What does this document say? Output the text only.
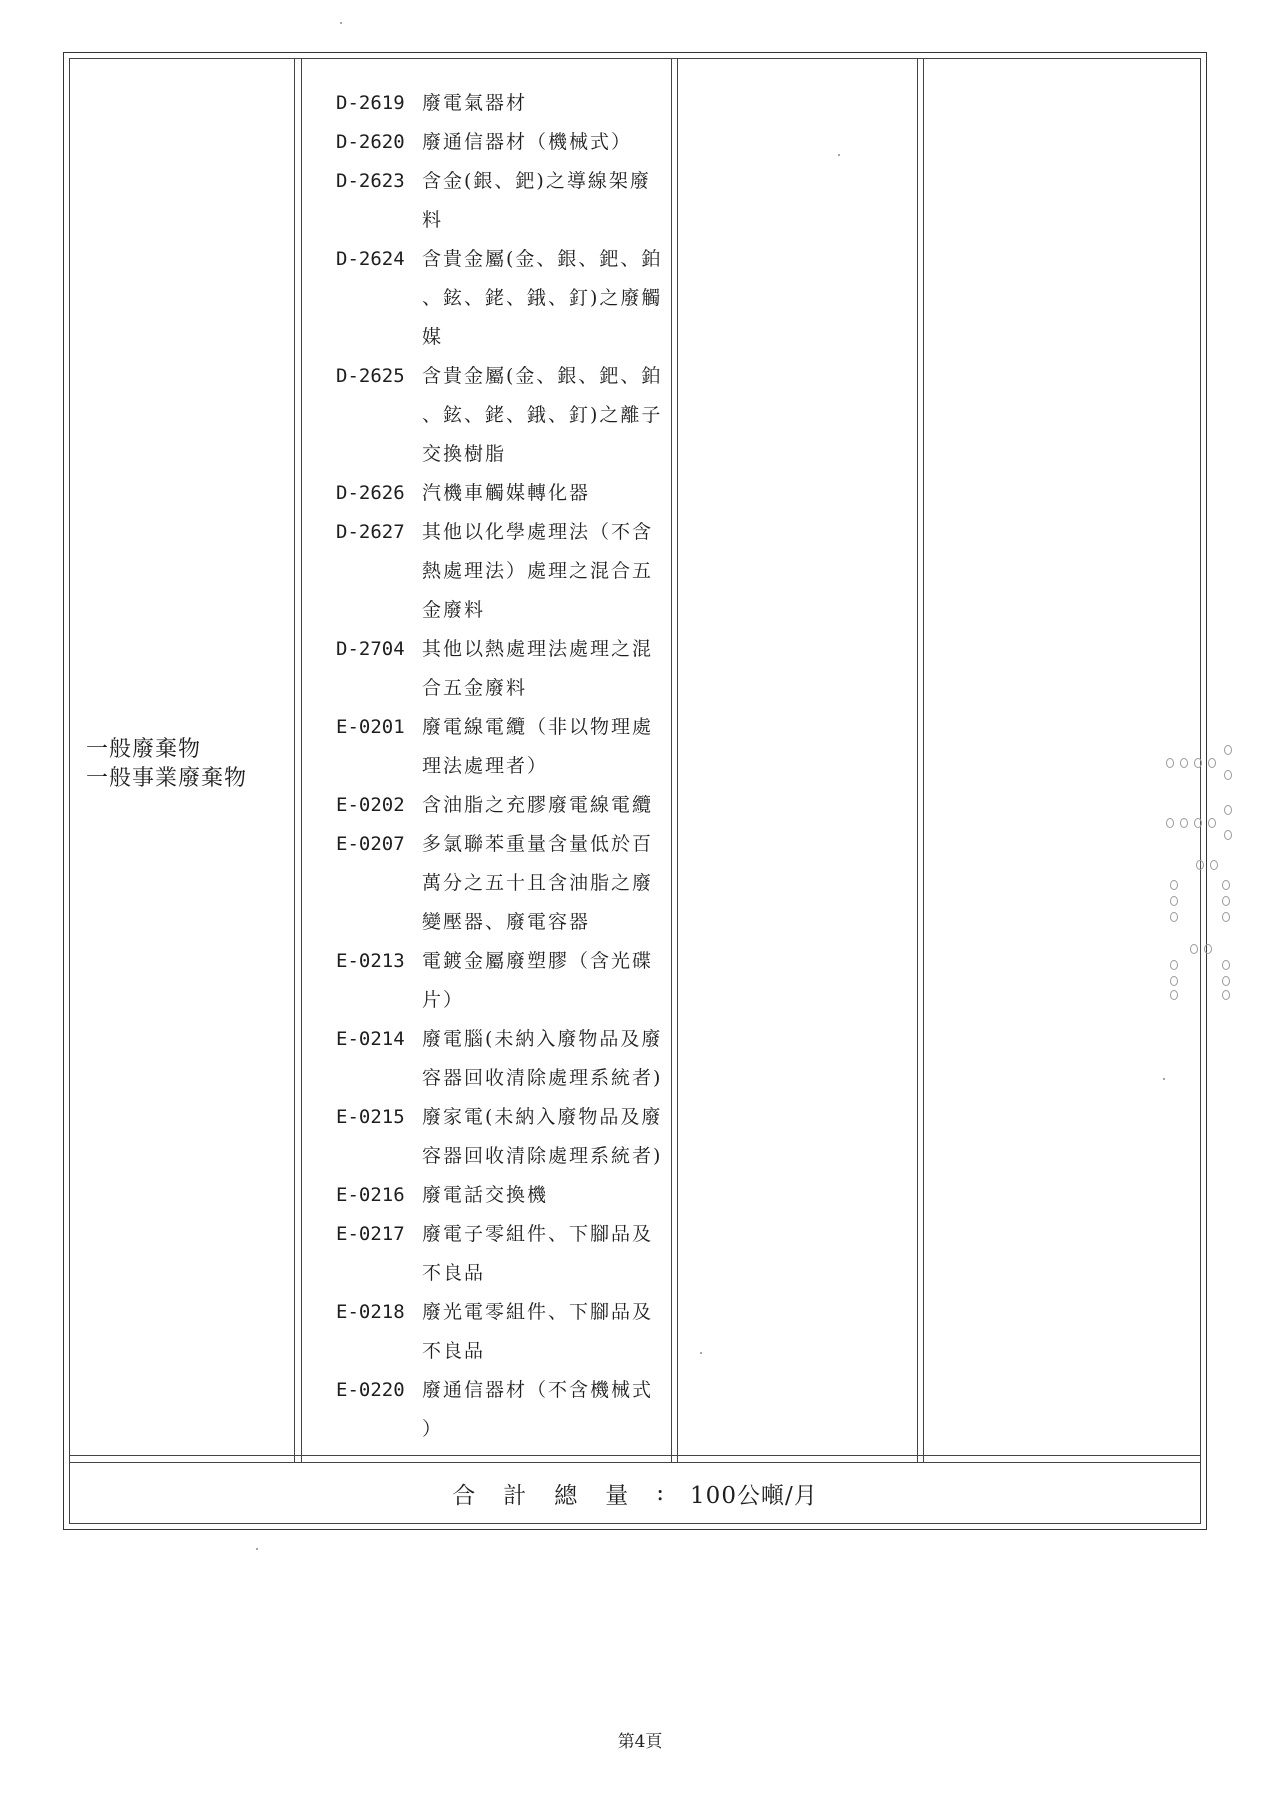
一般廢棄物
一般事業廢棄物
D-2619 廢電氣器材
D-2620 廢通信器材（機械式）
D-2623 含金(銀、鈀)之導線架廢
料
D-2624 含貴金屬(金、銀、鈀、鉑
、鉉、銠、鋨、釘)之廢觸
媒
D-2625 含貴金屬(金、銀、鈀、鉑
、鉉、銠、鋨、釘)之離子
交換樹脂
D-2626 汽機車觸媒轉化器
D-2627 其他以化學處理法（不含
熱處理法）處理之混合五
金廢料
D-2704 其他以熱處理法處理之混
合五金廢料
E-0201 廢電線電纜（非以物理處
理法處理者）
E-0202 含油脂之充膠廢電線電纜
E-0207 多氯聯苯重量含量低於百
萬分之五十且含油脂之廢
變壓器、廢電容器
E-0213 電鍍金屬廢塑膠（含光碟
片）
E-0214 廢電腦(未納入廢物品及廢
容器回收清除處理系統者)
E-0215 廢家電(未納入廢物品及廢
容器回收清除處理系統者)
E-0216 廢電話交換機
E-0217 廢電子零組件、下腳品及
不良品
E-0218 廢光電零組件、下腳品及
不良品
E-0220 廢通信器材（不含機械式
）
合計總量 : 100公噸/月
第4頁
